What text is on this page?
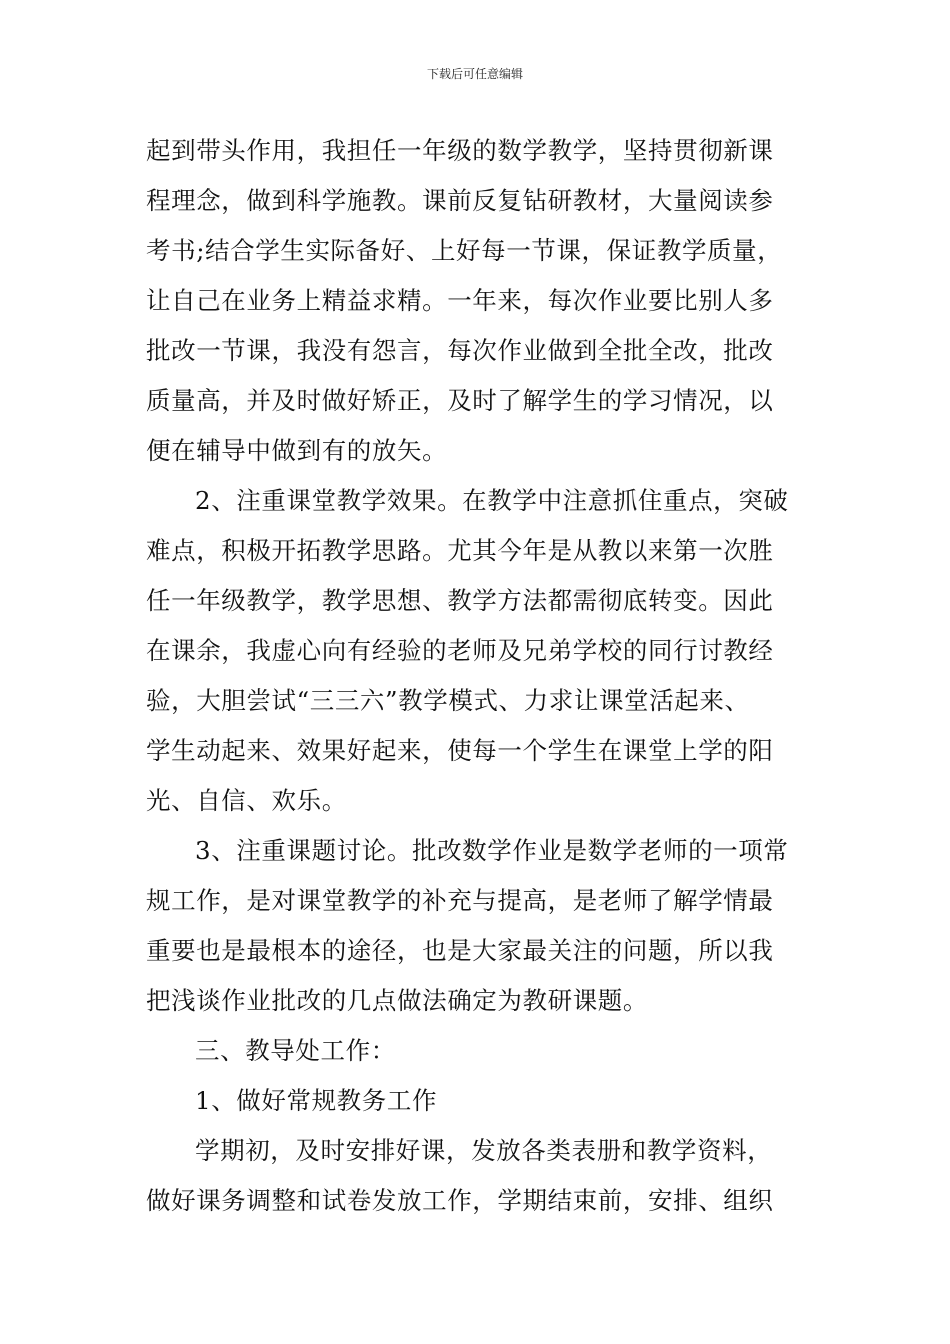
下载后可任意编辑
起到带头作用，我担任一年级的数学教学，坚持贯彻新课
程理念，做到科学施教。课前反复钻研教材，大量阅读参
考书;结合学生实际备好、上好每一节课，保证教学质量，
让自己在业务上精益求精。一年来，每次作业要比别人多
批改一节课，我没有怨言，每次作业做到全批全改，批改
质量高，并及时做好矫正，及时了解学生的学习情况，以
便在辅导中做到有的放矢。
2、注重课堂教学效果。在教学中注意抓住重点，突破
难点，积极开拓教学思路。尤其今年是从教以来第一次胜
任一年级教学，教学思想、教学方法都需彻底转变。因此
在课余，我虚心向有经验的老师及兄弟学校的同行讨教经
验，大胆尝试“三三六”教学模式、力求让课堂活起来、
学生动起来、效果好起来，使每一个学生在课堂上学的阳
光、自信、欢乐。
3、注重课题讨论。批改数学作业是数学老师的一项常
规工作，是对课堂教学的补充与提高，是老师了解学情最
重要也是最根本的途径，也是大家最关注的问题，所以我
把浅谈作业批改的几点做法确定为教研课题。
三、教导处工作：
1、做好常规教务工作
学期初，及时安排好课，发放各类表册和教学资料，
做好课务调整和试卷发放工作，学期结束前，安排、组织
